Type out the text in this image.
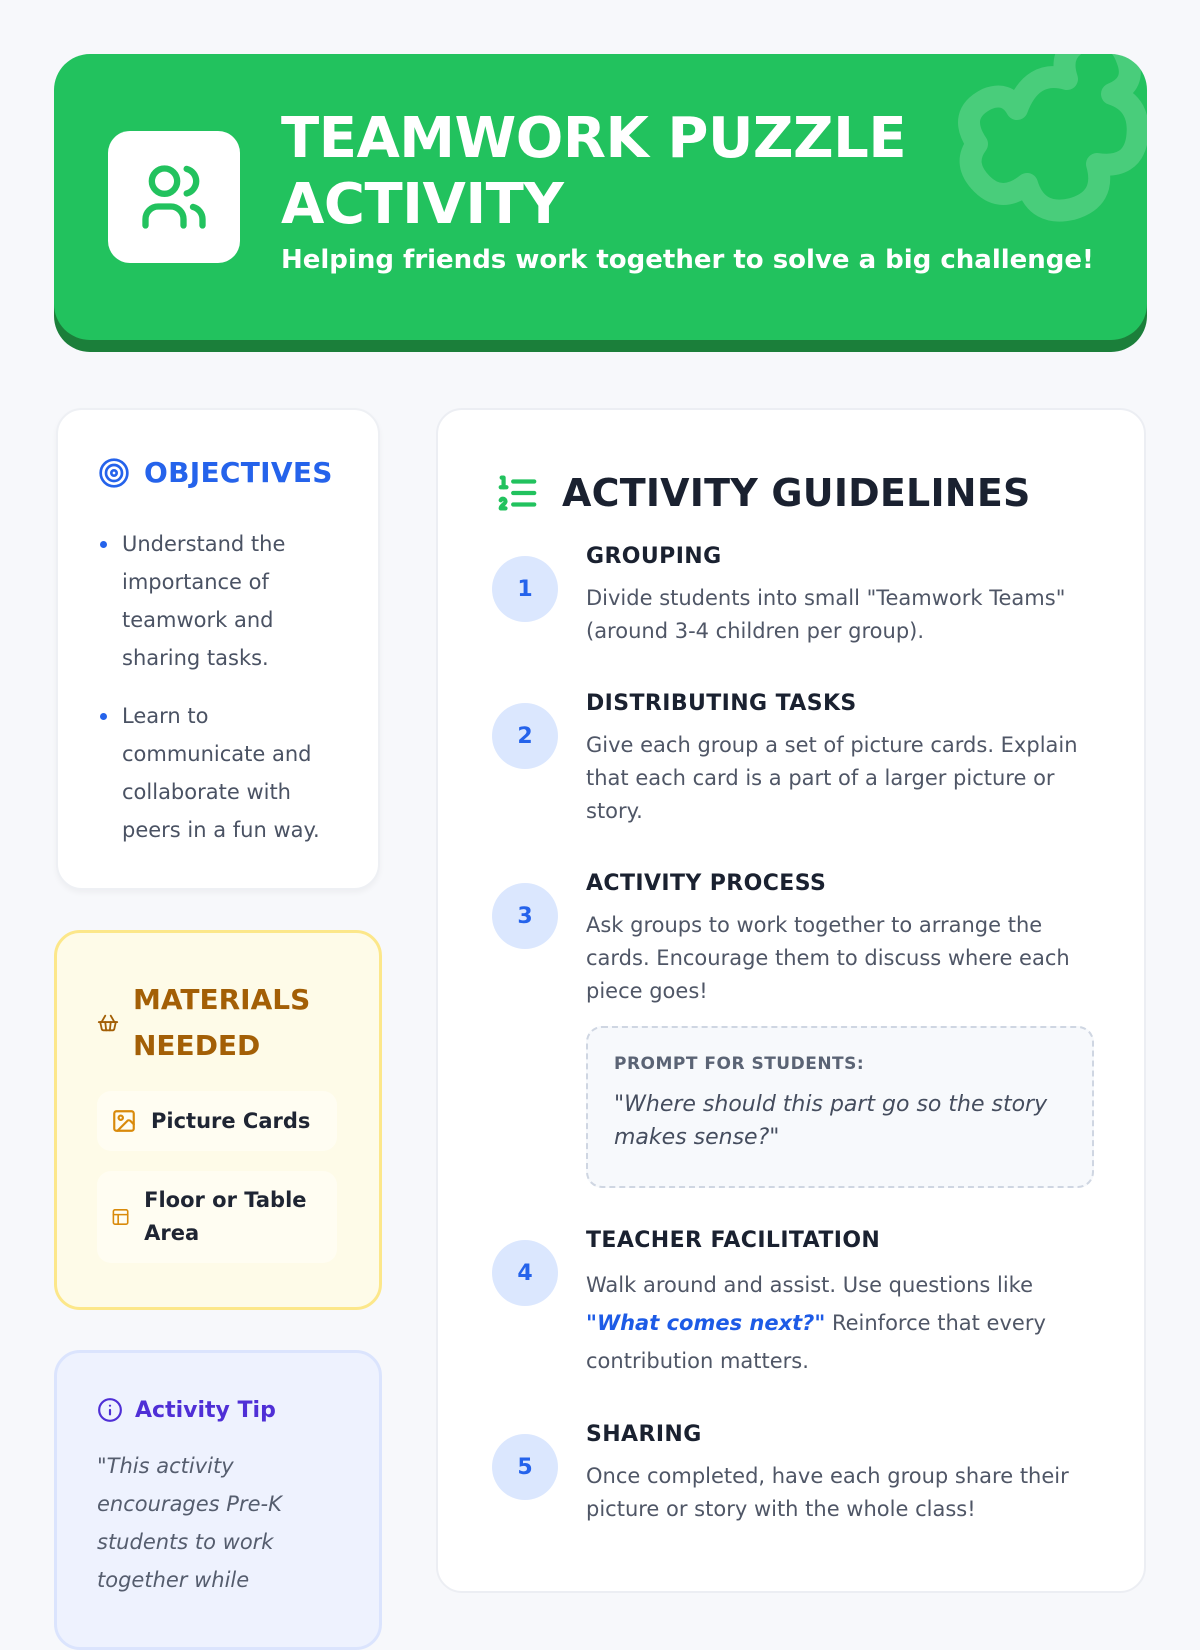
TEAMWORK PUZZLE ACTIVITY
Helping friends work together to solve a big challenge!
OBJECTIVES
Understand the importance of teamwork and sharing tasks.
Learn to communicate and collaborate with peers in a fun way.
MATERIALS NEEDED
Picture Cards
Floor or Table Area
Activity Tip
"This activity encourages Pre-K students to work together while
ACTIVITY GUIDELINES
1
GROUPING
Divide students into small "Teamwork Teams" (around 3-4 children per group).
2
DISTRIBUTING TASKS
Give each group a set of picture cards. Explain that each card is a part of a larger picture or story.
3
ACTIVITY PROCESS
Ask groups to work together to arrange the cards. Encourage them to discuss where each piece goes!
PROMPT FOR STUDENTS:
"Where should this part go so the story makes sense?"
4
TEACHER FACILITATION
Walk around and assist. Use questions like "What comes next?" Reinforce that every contribution matters.
5
SHARING
Once completed, have each group share their picture or story with the whole class!
